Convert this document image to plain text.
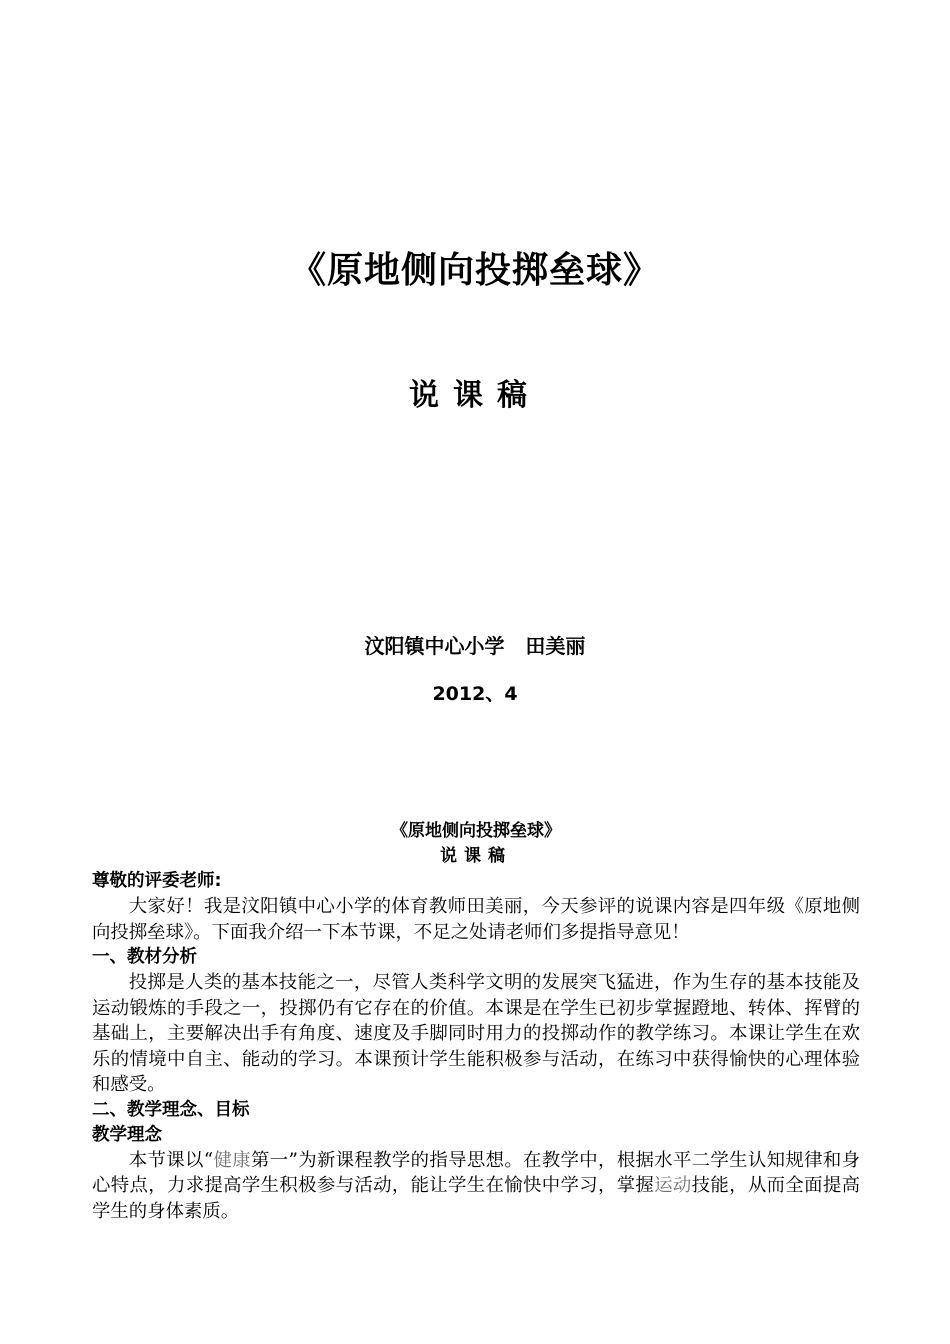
《原地侧向投掷垒球》
说课稿
汶阳镇中心小学   田美丽
2012、4
《原地侧向投掷垒球》
说课稿
尊敬的评委老师:

大家好！我是汶阳镇中心小学的体育教师田美丽，今天参评的说课内容是四年级《原地侧向投掷垒球》。下面我介绍一下本节课，不足之处请老师们多提指导意见！

一、教材分析

投掷是人类的基本技能之一，尽管人类科学文明的发展突飞猛进，作为生存的基本技能及运动锻炼的手段之一，投掷仍有它存在的价值。本课是在学生已初步掌握蹬地、转体、挥臂的基础上，主要解决出手有角度、速度及手脚同时用力的投掷动作的教学练习。本课让学生在欢乐的情境中自主、能动的学习。本课预计学生能积极参与活动，在练习中获得愉快的心理体验和感受。

二、教学理念、目标
教学理念

本节课以“健康第一”为新课程教学的指导思想。在教学中，根据水平二学生认知规律和身心特点，力求提高学生积极参与活动，能让学生在愉快中学习，掌握运动技能，从而全面提高学生的身体素质。
